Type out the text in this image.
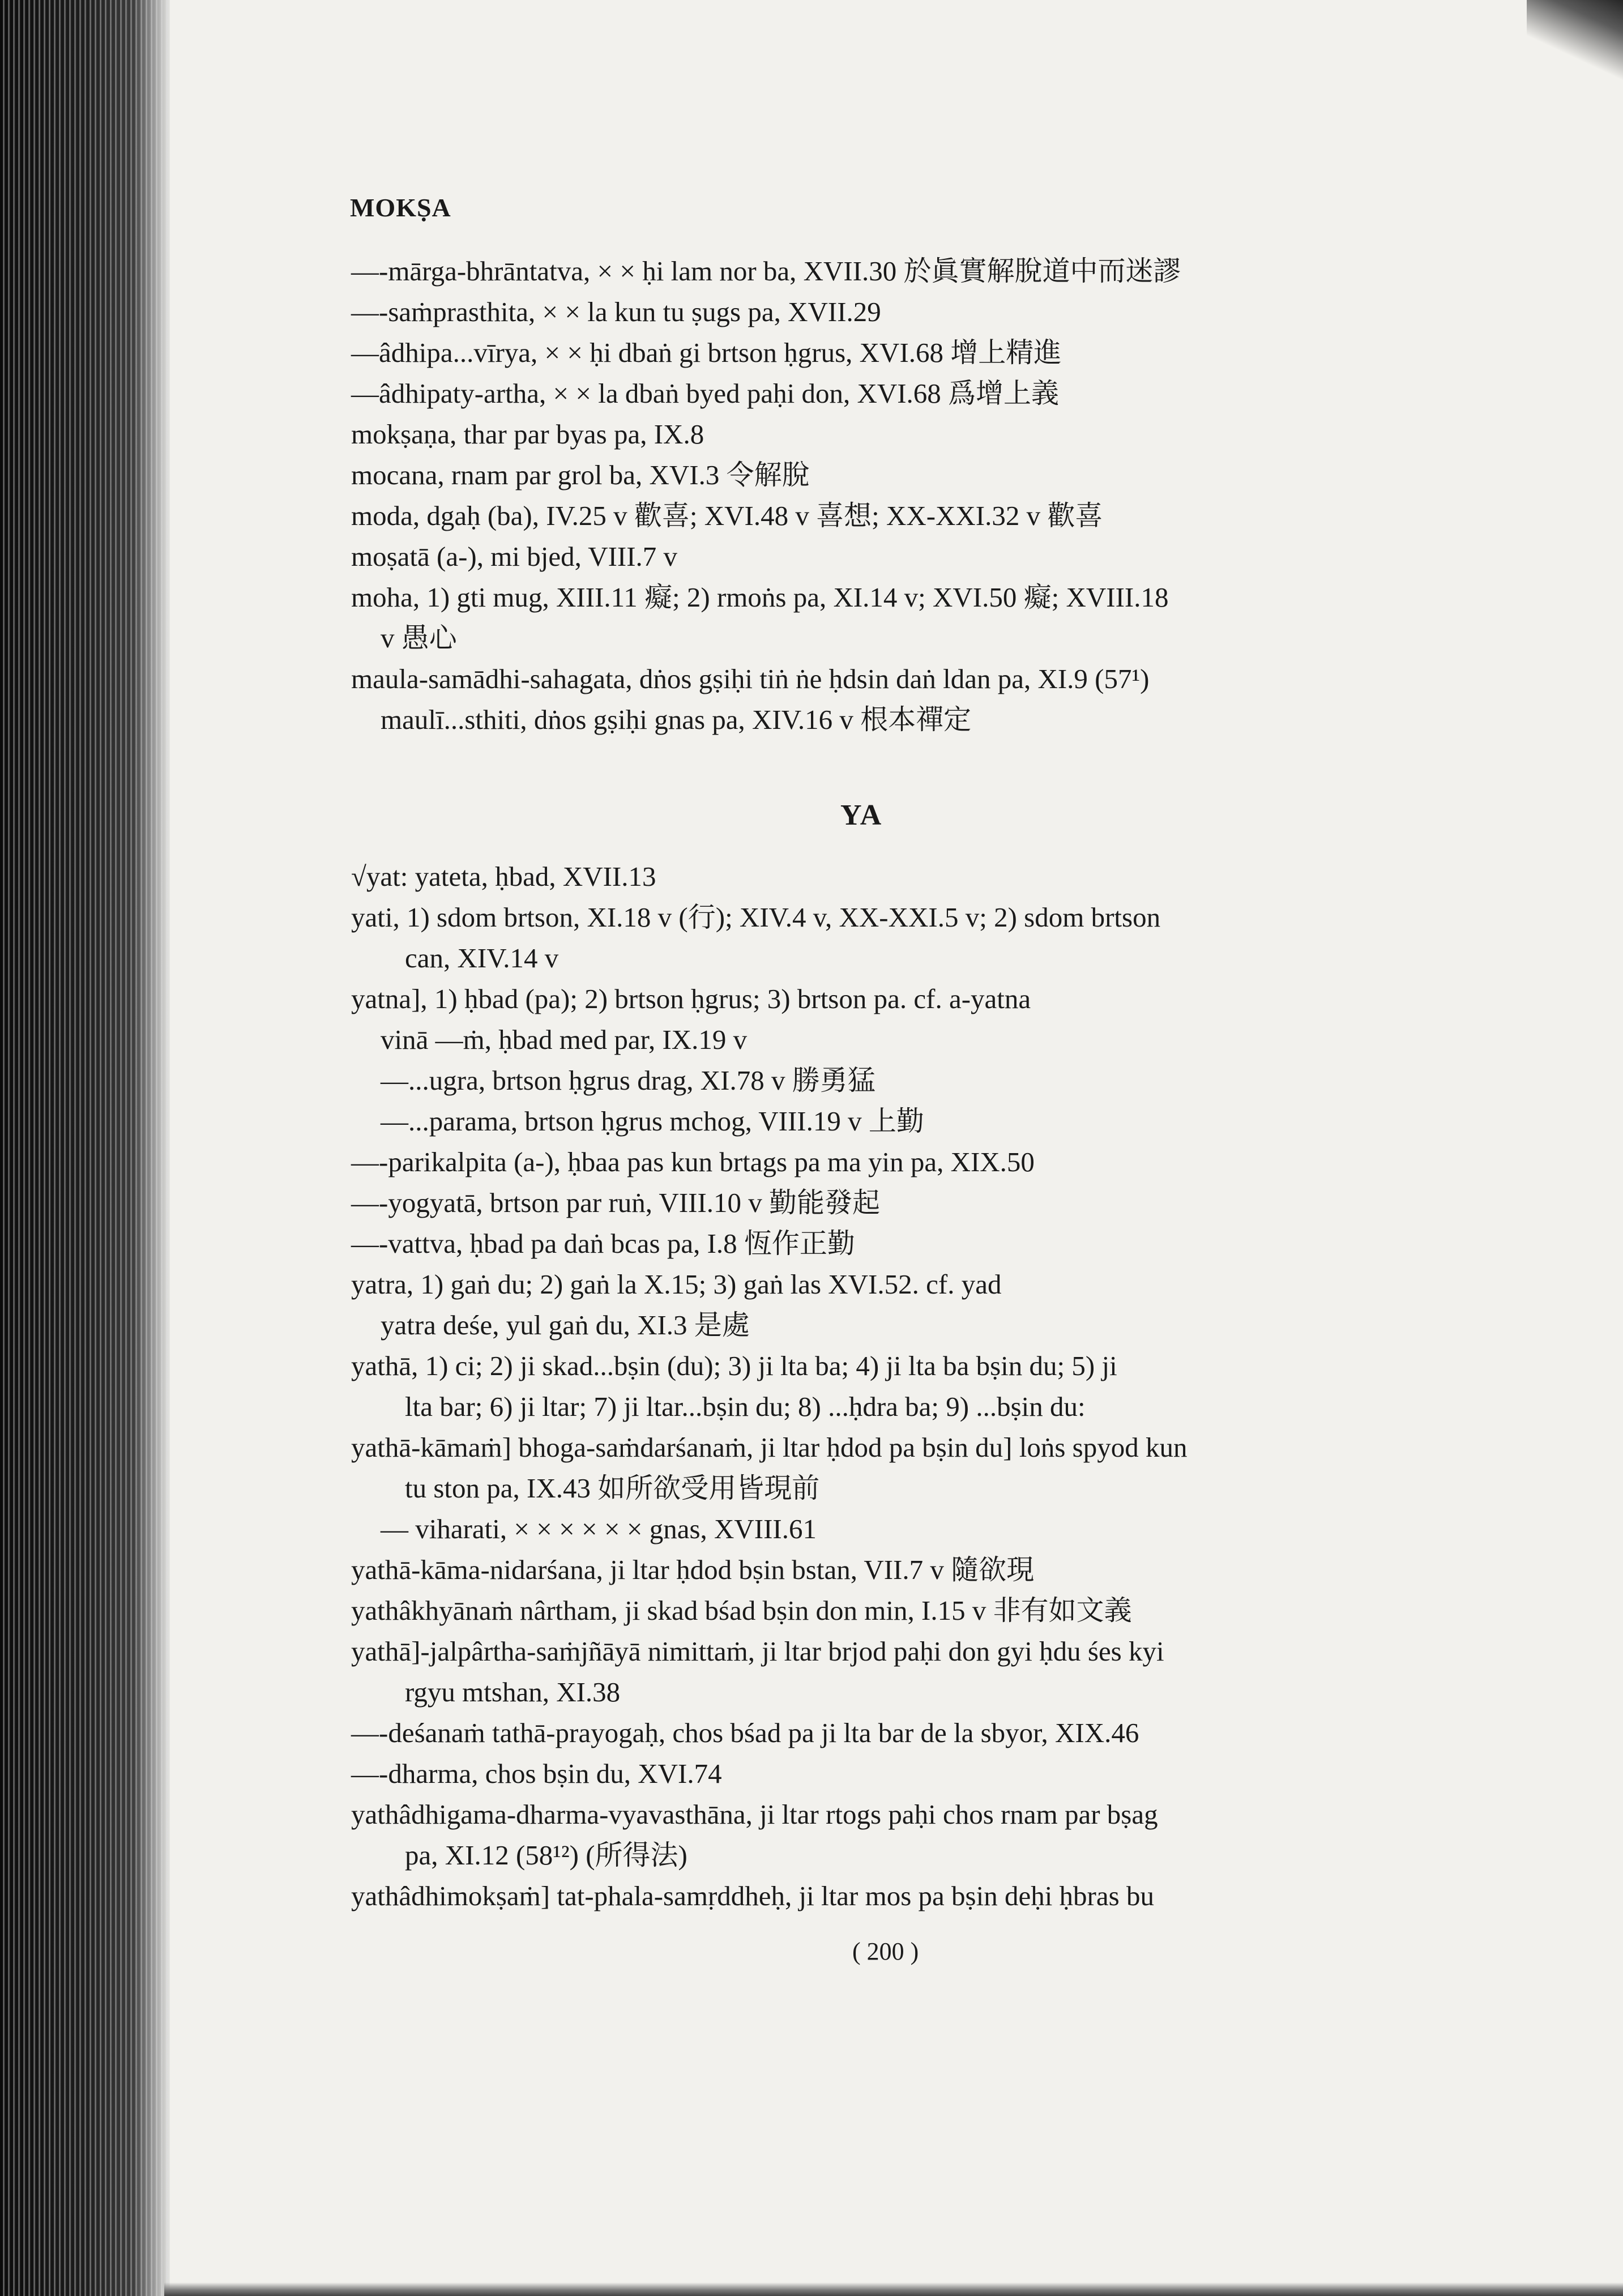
MOKṢA
—-mārga-bhrāntatva, × × ḥi lam nor ba, XVII.30 於眞實解脫道中而迷謬
—-saṁprasthita, × × la kun tu ṣugs pa, XVII.29
—âdhipa...vīrya, × × ḥi dbaṅ gi brtson ḥgrus, XVI.68 增上精進
—âdhipaty-artha, × × la dbaṅ byed paḥi don, XVI.68 爲增上義
mokṣaṇa, thar par byas pa, IX.8
mocana, rnam par grol ba, XVI.3 令解脫
moda, dgaḥ (ba), IV.25 v 歡喜; XVI.48 v 喜想; XX-XXI.32 v 歡喜
moṣatā (a-), mi bjed, VIII.7 v
moha, 1) gti mug, XIII.11 癡; 2) rmoṅs pa, XI.14 v; XVI.50 癡; XVIII.18
v 愚心
maula-samādhi-sahagata, dṅos gṣiḥi tiṅ ṅe ḥdsin daṅ ldan pa, XI.9 (57¹)
maulī...sthiti, dṅos gṣiḥi gnas pa, XIV.16 v 根本禪定
YA
√yat: yateta, ḥbad, XVII.13
yati, 1) sdom brtson, XI.18 v (行); XIV.4 v, XX-XXI.5 v; 2) sdom brtson
can, XIV.14 v
yatna], 1) ḥbad (pa); 2) brtson ḥgrus; 3) brtson pa. cf. a-yatna
vinā —ṁ, ḥbad med par, IX.19 v
—...ugra, brtson ḥgrus drag, XI.78 v 勝勇猛
—...parama, brtson ḥgrus mchog, VIII.19 v 上勤
—-parikalpita (a-), ḥbaa pas kun brtags pa ma yin pa, XIX.50
—-yogyatā, brtson par ruṅ, VIII.10 v 勤能發起
—-vattva, ḥbad pa daṅ bcas pa, I.8 恆作正勤
yatra, 1) gaṅ du; 2) gaṅ la X.15; 3) gaṅ las XVI.52. cf. yad
yatra deśe, yul gaṅ du, XI.3 是處
yathā, 1) ci; 2) ji skad...bṣin (du); 3) ji lta ba; 4) ji lta ba bṣin du; 5) ji
lta bar; 6) ji ltar; 7) ji ltar...bṣin du; 8) ...ḥdra ba; 9) ...bṣin du:
yathā-kāmaṁ] bhoga-saṁdarśanaṁ, ji ltar ḥdod pa bṣin du] loṅs spyod kun
tu ston pa, IX.43 如所欲受用皆現前
— viharati, × × × × × × gnas, XVIII.61
yathā-kāma-nidarśana, ji ltar ḥdod bṣin bstan, VII.7 v 隨欲現
yathâkhyānaṁ nârtham, ji skad bśad bṣin don min, I.15 v 非有如文義
yathā]-jalpârtha-saṁjñāyā nimittaṁ, ji ltar brjod paḥi don gyi ḥdu śes kyi
rgyu mtshan, XI.38
—-deśanaṁ tathā-prayogaḥ, chos bśad pa ji lta bar de la sbyor, XIX.46
—-dharma, chos bṣin du, XVI.74
yathâdhigama-dharma-vyavasthāna, ji ltar rtogs paḥi chos rnam par bṣag
pa, XI.12 (58¹²) (所得法)
yathâdhimokṣaṁ] tat-phala-samṛddheḥ, ji ltar mos pa bṣin deḥi ḥbras bu
( 200 )
